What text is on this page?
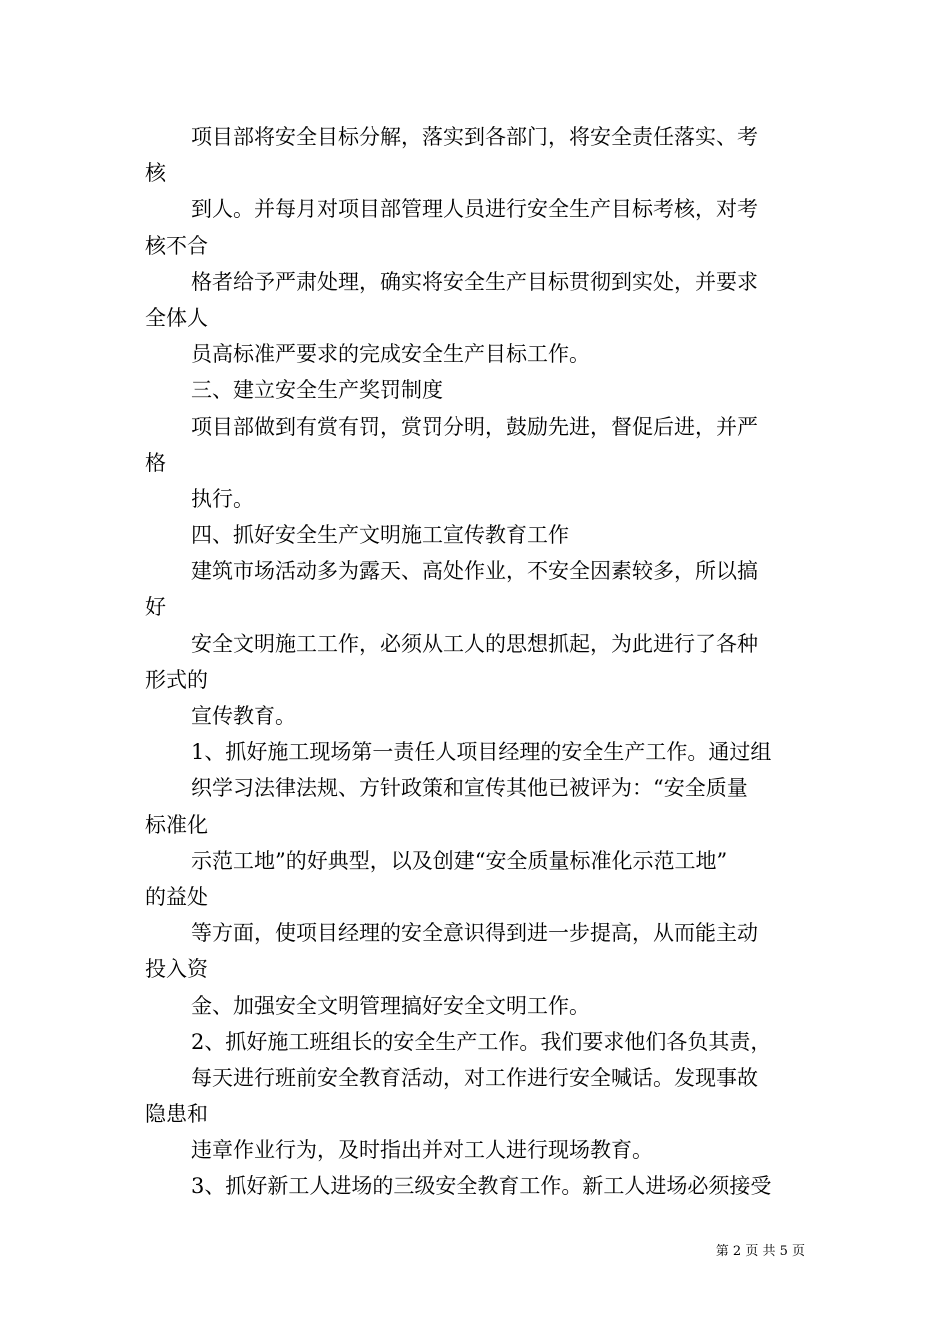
项目部将安全目标分解，落实到各部门，将安全责任落实、考
核
到人。并每月对项目部管理人员进行安全生产目标考核，对考
核不合
格者给予严肃处理，确实将安全生产目标贯彻到实处，并要求
全体人
员高标准严要求的完成安全生产目标工作。
三、建立安全生产奖罚制度
项目部做到有赏有罚，赏罚分明，鼓励先进，督促后进，并严
格
执行。
四、抓好安全生产文明施工宣传教育工作
建筑市场活动多为露天、高处作业，不安全因素较多，所以搞
好
安全文明施工工作，必须从工人的思想抓起，为此进行了各种
形式的
宣传教育。
1、抓好施工现场第一责任人项目经理的安全生产工作。通过组
织学习法律法规、方针政策和宣传其他已被评为：“安全质量
标准化
示范工地”的好典型，以及创建“安全质量标准化示范工地”
的益处
等方面，使项目经理的安全意识得到进一步提高，从而能主动
投入资
金、加强安全文明管理搞好安全文明工作。
2、抓好施工班组长的安全生产工作。我们要求他们各负其责，
每天进行班前安全教育活动，对工作进行安全喊话。发现事故
隐患和
违章作业行为，及时指出并对工人进行现场教育。
3、抓好新工人进场的三级安全教育工作。新工人进场必须接受
第 2 页 共 5 页
